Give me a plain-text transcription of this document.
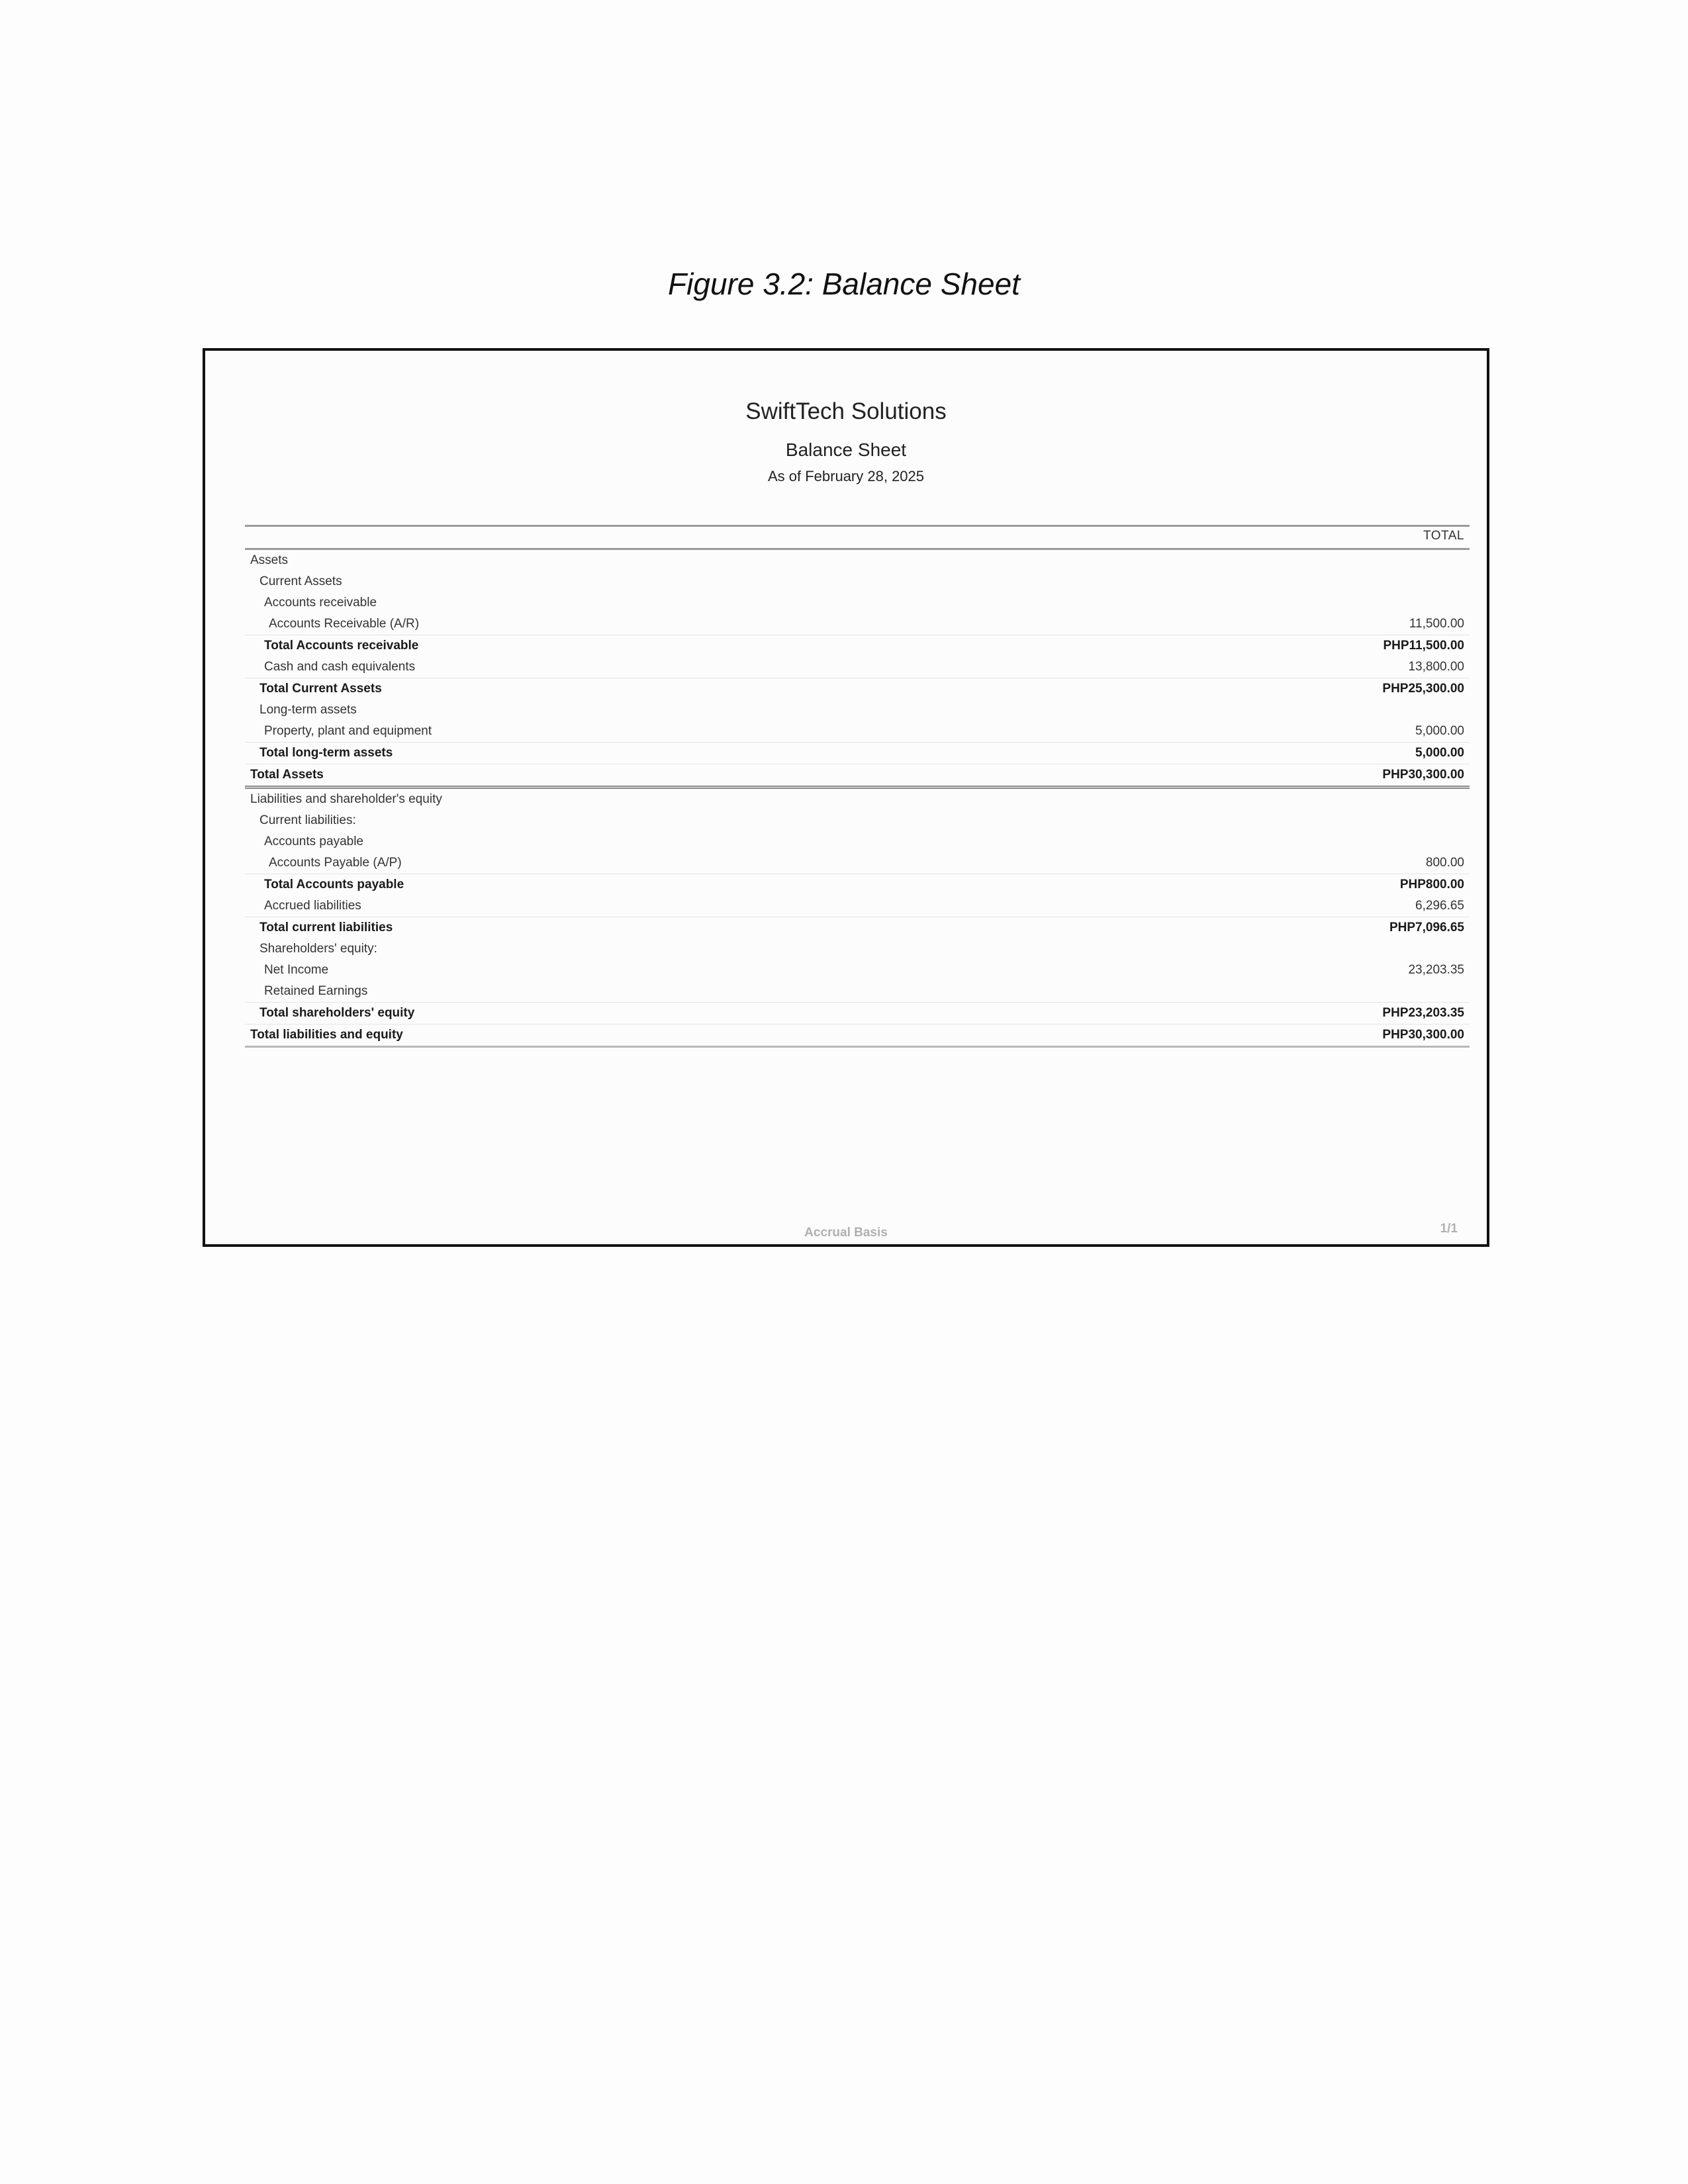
Figure 3.2: Balance Sheet
SwiftTech Solutions
Balance Sheet
As of February 28, 2025
TOTAL
Assets
Current Assets
Accounts receivable
Accounts Receivable (A/R)	11,500.00
Total Accounts receivable	PHP11,500.00
Cash and cash equivalents	13,800.00
Total Current Assets	PHP25,300.00
Long-term assets
Property, plant and equipment	5,000.00
Total long-term assets	5,000.00
Total Assets	PHP30,300.00
Liabilities and shareholder's equity
Current liabilities:
Accounts payable
Accounts Payable (A/P)	800.00
Total Accounts payable	PHP800.00
Accrued liabilities	6,296.65
Total current liabilities	PHP7,096.65
Shareholders' equity:
Net Income	23,203.35
Retained Earnings
Total shareholders' equity	PHP23,203.35
Total liabilities and equity	PHP30,300.00
Accrual Basis	1/1
